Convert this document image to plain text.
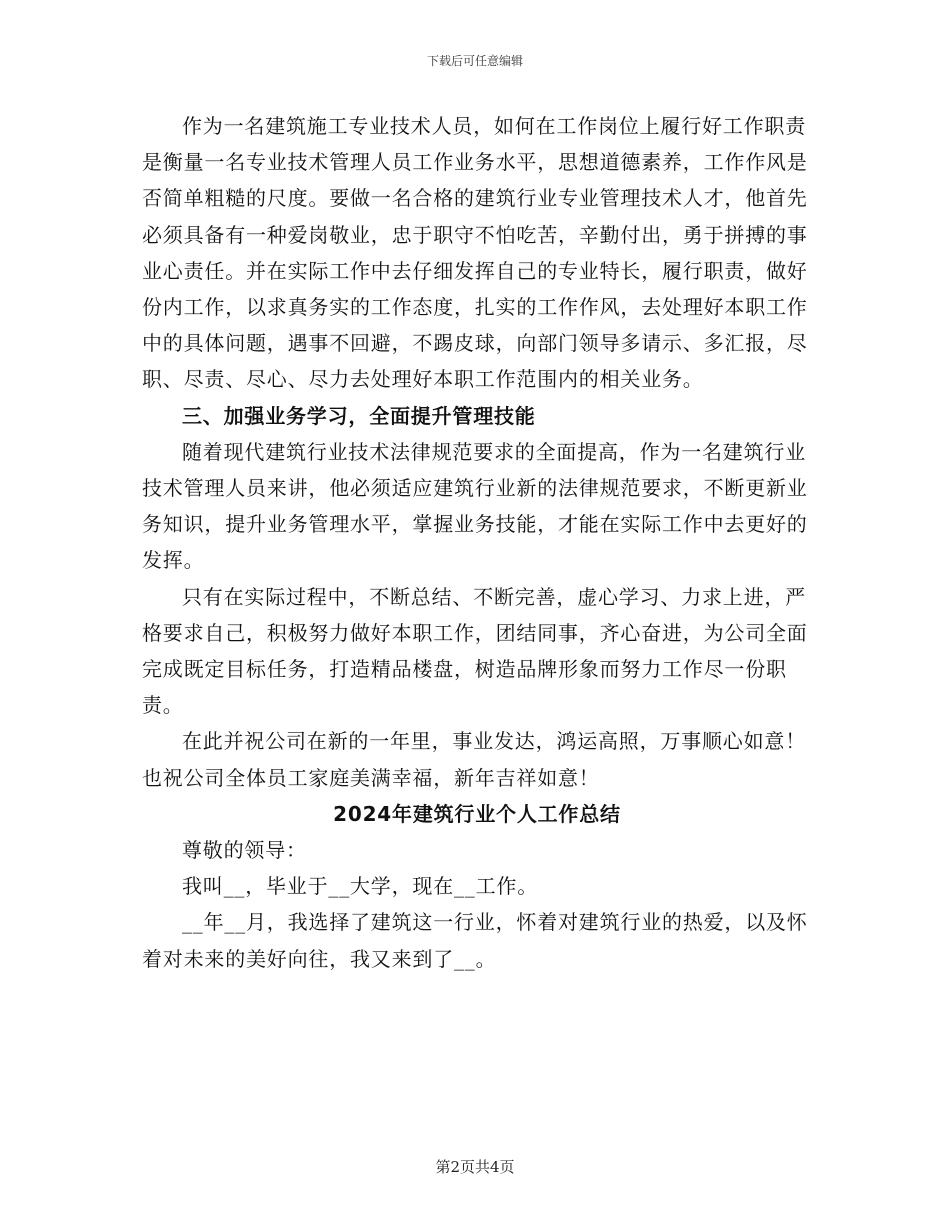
下载后可任意编辑

作为一名建筑施工专业技术人员，如何在工作岗位上履行好工作职责是衡量一名专业技术管理人员工作业务水平，思想道德素养，工作作风是否简单粗糙的尺度。要做一名合格的建筑行业专业管理技术人才，他首先必须具备有一种爱岗敬业，忠于职守不怕吃苦，辛勤付出，勇于拼搏的事业心责任。并在实际工作中去仔细发挥自己的专业特长，履行职责，做好份内工作，以求真务实的工作态度，扎实的工作作风，去处理好本职工作中的具体问题，遇事不回避，不踢皮球，向部门领导多请示、多汇报，尽职、尽责、尽心、尽力去处理好本职工作范围内的相关业务。

三、加强业务学习，全面提升管理技能

随着现代建筑行业技术法律规范要求的全面提高，作为一名建筑行业技术管理人员来讲，他必须适应建筑行业新的法律规范要求，不断更新业务知识，提升业务管理水平，掌握业务技能，才能在实际工作中去更好的发挥。

只有在实际过程中，不断总结、不断完善，虚心学习、力求上进，严格要求自己，积极努力做好本职工作，团结同事，齐心奋进，为公司全面完成既定目标任务，打造精品楼盘，树造品牌形象而努力工作尽一份职责。

在此并祝公司在新的一年里，事业发达，鸿运高照，万事顺心如意！也祝公司全体员工家庭美满幸福，新年吉祥如意！

2024年建筑行业个人工作总结

尊敬的领导：

我叫__，毕业于__大学，现在__工作。

__年__月，我选择了建筑这一行业，怀着对建筑行业的热爱，以及怀着对未来的美好向往，我又来到了__。

第2页共4页
